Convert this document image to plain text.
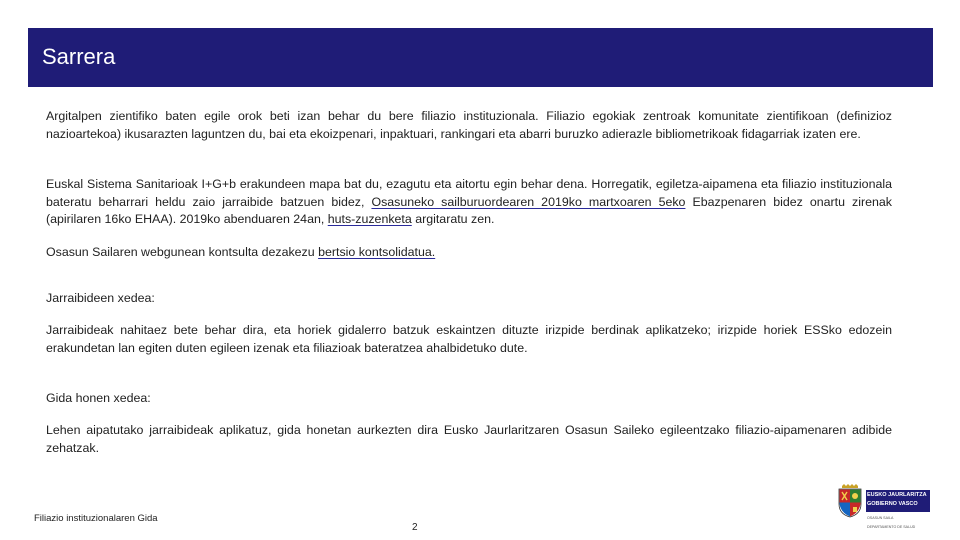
Sarrera

Argitalpen zientifiko baten egile orok beti izan behar du bere filiazio instituzionala. Filiazio egokiak zentroak komunitate zientifikoan (definizioz nazioartekoa) ikusarazten laguntzen du, bai eta ekoizpenari, inpaktuari, rankingari eta abarri buruzko adierazle bibliometrikoak fidagarriak izaten ere.

Euskal Sistema Sanitarioak I+G+b erakundeen mapa bat du, ezagutu eta aitortu egin behar dena. Horregatik, egiletza-aipamena eta filiazio instituzionala bateratu beharrari heldu zaio jarraibide batzuen bidez, Osasuneko sailburuordearen 2019ko martxoaren 5eko Ebazpenaren bidez onartu zirenak (apirilaren 16ko EHAA). 2019ko abenduaren 24an, huts-zuzenketa argitaratu zen.

Osasun Sailaren webgunean kontsulta dezakezu bertsio kontsolidatua.

Jarraibideen xedea:

Jarraibideak nahitaez bete behar dira, eta horiek gidalerro batzuk eskaintzen dituzte irizpide berdinak aplikatzeko; irizpide horiek ESSko edozein erakundetan lan egiten duten egileen izenak eta filiazioak bateratzea ahalbidetuko dute.

Gida honen xedea:

Lehen aipatutako jarraibideak aplikatuz, gida honetan aurkezten dira Eusko Jaurlaritzaren Osasun Saileko egileentzako filiazio-aipamenaren adibide zehatzak.

Filiazio instituzionalaren Gida
2
EUSKO JAURLARITZA
GOBIERNO VASCO
OSASUN SAILA
DEPARTAMENTO DE SALUD
